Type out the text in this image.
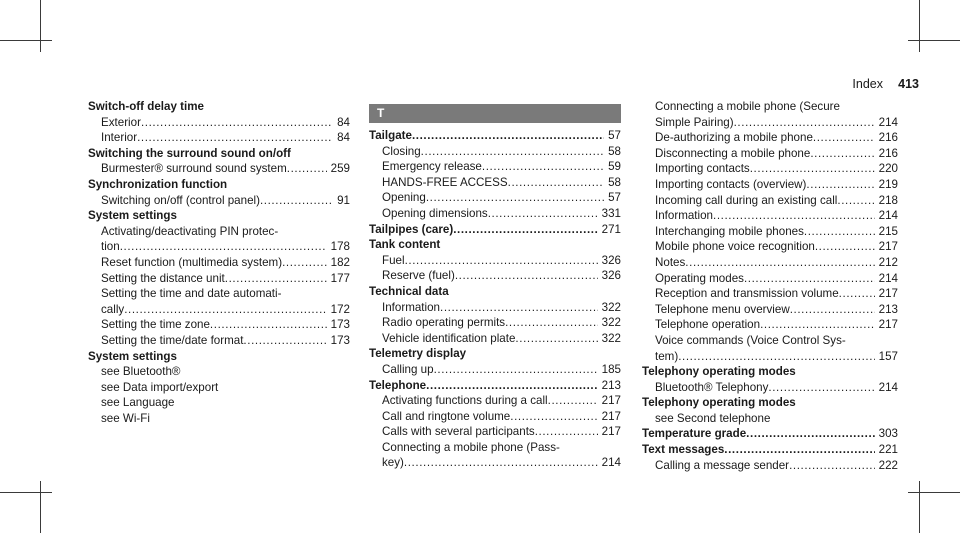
Index 413
Switch-off delay time
Exterior .....	84
Interior .....	84
Switching the surround sound on/off
Burmester® surround sound system .....	259
Synchronization function
Switching on/off (control panel) .....	91
System settings
Activating/deactivating PIN protec-
tion .....	178
Reset function (multimedia system) .....	182
Setting the distance unit .....	177
Setting the time and date automati-
cally .....	172
Setting the time zone .....	173
Setting the time/date format .....	173
System settings
see Bluetooth®
see Data import/export
see Language
see Wi-Fi
T
Tailgate .....	57
Closing .....	58
Emergency release .....	59
HANDS-FREE ACCESS .....	58
Opening .....	57
Opening dimensions .....	331
Tailpipes (care) .....	271
Tank content
Fuel .....	326
Reserve (fuel) .....	326
Technical data
Information .....	322
Radio operating permits .....	322
Vehicle identification plate .....	322
Telemetry display
Calling up .....	185
Telephone .....	213
Activating functions during a call .....	217
Call and ringtone volume .....	217
Calls with several participants .....	217
Connecting a mobile phone (Pass-
key) .....	214
Connecting a mobile phone (Secure
Simple Pairing) .....	214
De-authorizing a mobile phone .....	216
Disconnecting a mobile phone .....	216
Importing contacts .....	220
Importing contacts (overview) .....	219
Incoming call during an existing call .....	218
Information .....	214
Interchanging mobile phones .....	215
Mobile phone voice recognition .....	217
Notes .....	212
Operating modes .....	214
Reception and transmission volume .....	217
Telephone menu overview .....	213
Telephone operation .....	217
Voice commands (Voice Control Sys-
tem) .....	157
Telephony operating modes
Bluetooth® Telephony .....	214
Telephony operating modes
see Second telephone
Temperature grade .....	303
Text messages .....	221
Calling a message sender .....	222
